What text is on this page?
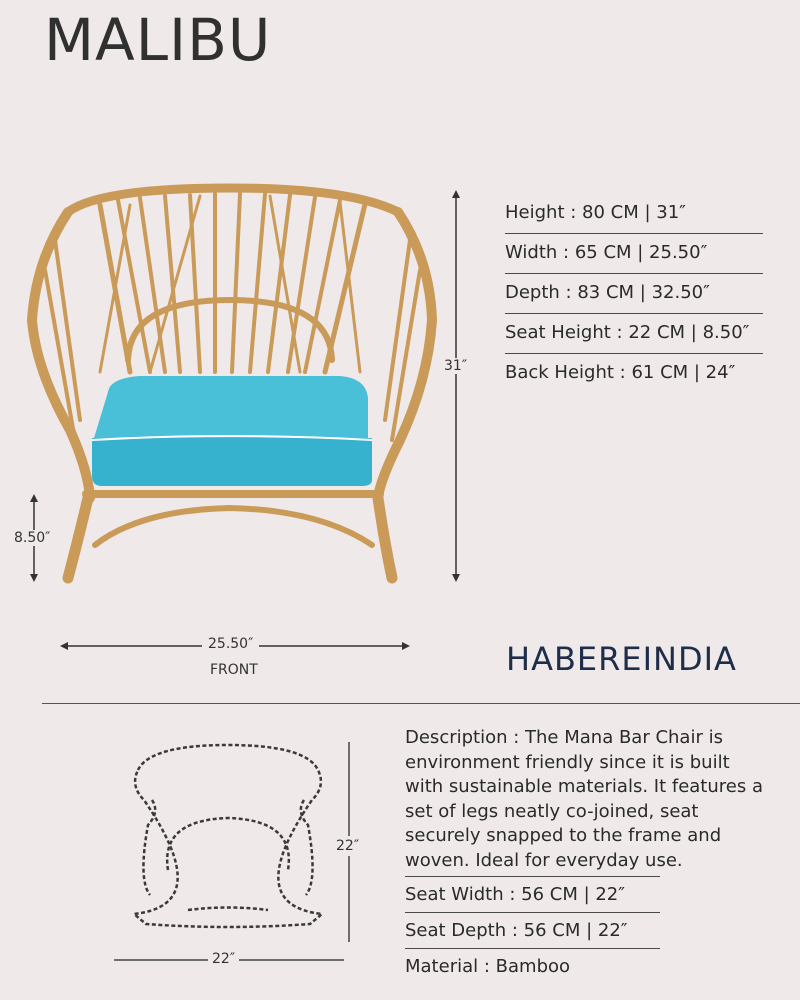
MALIBU
31″
8.50″
25.50″
FRONT
Height : 80 CM | 31″
Width : 65 CM | 25.50″
Depth : 83 CM | 32.50″
Seat Height : 22 CM | 8.50″
Back Height : 61 CM | 24″
HABEREINDIA
22″
22″
Description : The Mana Bar Chair is environment friendly since it is built with sustainable materials. It features a set of legs neatly co-joined, seat securely snapped to the frame and woven. Ideal for everyday use.
Seat Width : 56 CM | 22″
Seat Depth : 56 CM | 22″
Material : Bamboo
